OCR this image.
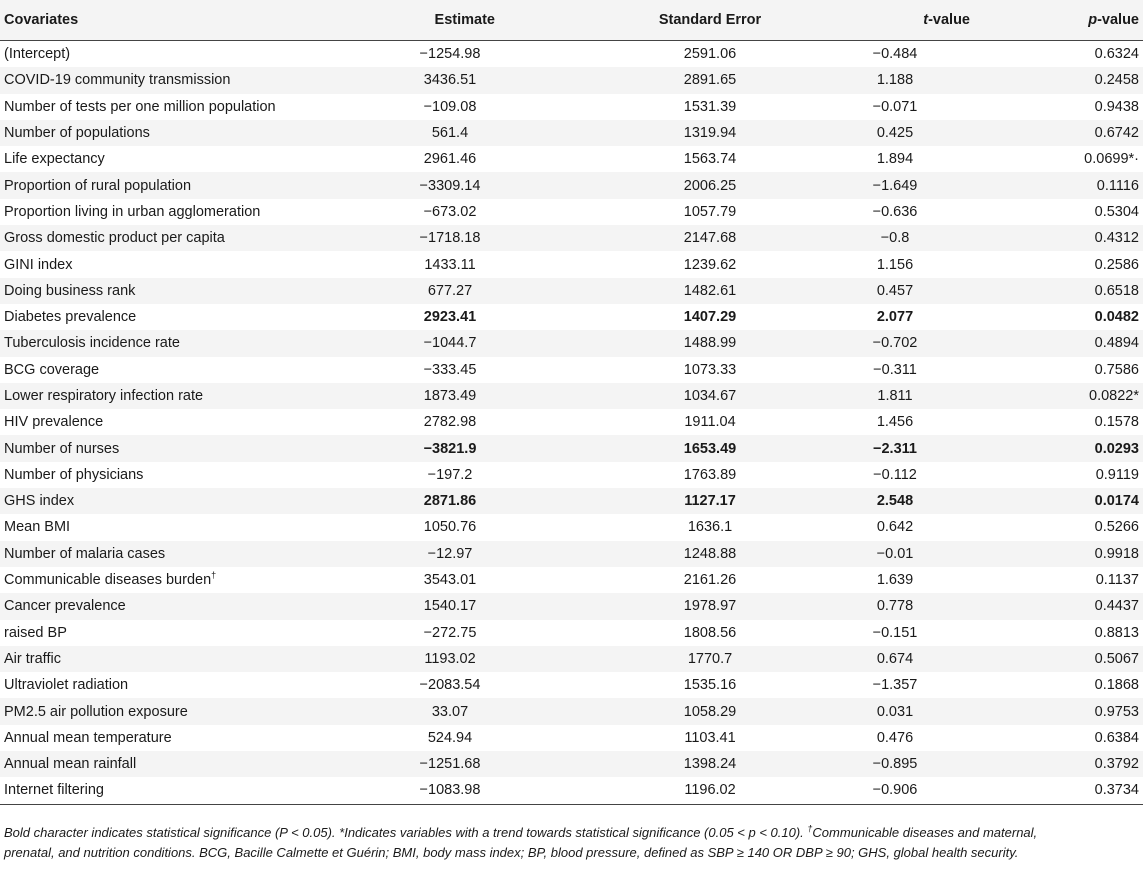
Covariates	Estimate	Standard Error	t-value	p-value
(Intercept)	−1254.98	2591.06	−0.484	0.6324
COVID-19 community transmission	3436.51	2891.65	1.188	0.2458
Number of tests per one million population	−109.08	1531.39	−0.071	0.9438
Number of populations	561.4	1319.94	0.425	0.6742
Life expectancy	2961.46	1563.74	1.894	0.0699*·
Proportion of rural population	−3309.14	2006.25	−1.649	0.1116
Proportion living in urban agglomeration	−673.02	1057.79	−0.636	0.5304
Gross domestic product per capita	−1718.18	2147.68	−0.8	0.4312
GINI index	1433.11	1239.62	1.156	0.2586
Doing business rank	677.27	1482.61	0.457	0.6518
Diabetes prevalence	2923.41	1407.29	2.077	0.0482
Tuberculosis incidence rate	−1044.7	1488.99	−0.702	0.4894
BCG coverage	−333.45	1073.33	−0.311	0.7586
Lower respiratory infection rate	1873.49	1034.67	1.811	0.0822*
HIV prevalence	2782.98	1911.04	1.456	0.1578
Number of nurses	−3821.9	1653.49	−2.311	0.0293
Number of physicians	−197.2	1763.89	−0.112	0.9119
GHS index	2871.86	1127.17	2.548	0.0174
Mean BMI	1050.76	1636.1	0.642	0.5266
Number of malaria cases	−12.97	1248.88	−0.01	0.9918
Communicable diseases burden†	3543.01	2161.26	1.639	0.1137
Cancer prevalence	1540.17	1978.97	0.778	0.4437
raised BP	−272.75	1808.56	−0.151	0.8813
Air traffic	1193.02	1770.7	0.674	0.5067
Ultraviolet radiation	−2083.54	1535.16	−1.357	0.1868
PM2.5 air pollution exposure	33.07	1058.29	0.031	0.9753
Annual mean temperature	524.94	1103.41	0.476	0.6384
Annual mean rainfall	−1251.68	1398.24	−0.895	0.3792
Internet filtering	−1083.98	1196.02	−0.906	0.3734
Bold character indicates statistical significance (P < 0.05). *Indicates variables with a trend towards statistical significance (0.05 < p < 0.10). †Communicable diseases and maternal,
prenatal, and nutrition conditions. BCG, Bacille Calmette et Guérin; BMI, body mass index; BP, blood pressure, defined as SBP ≥ 140 OR DBP ≥ 90; GHS, global health security.
